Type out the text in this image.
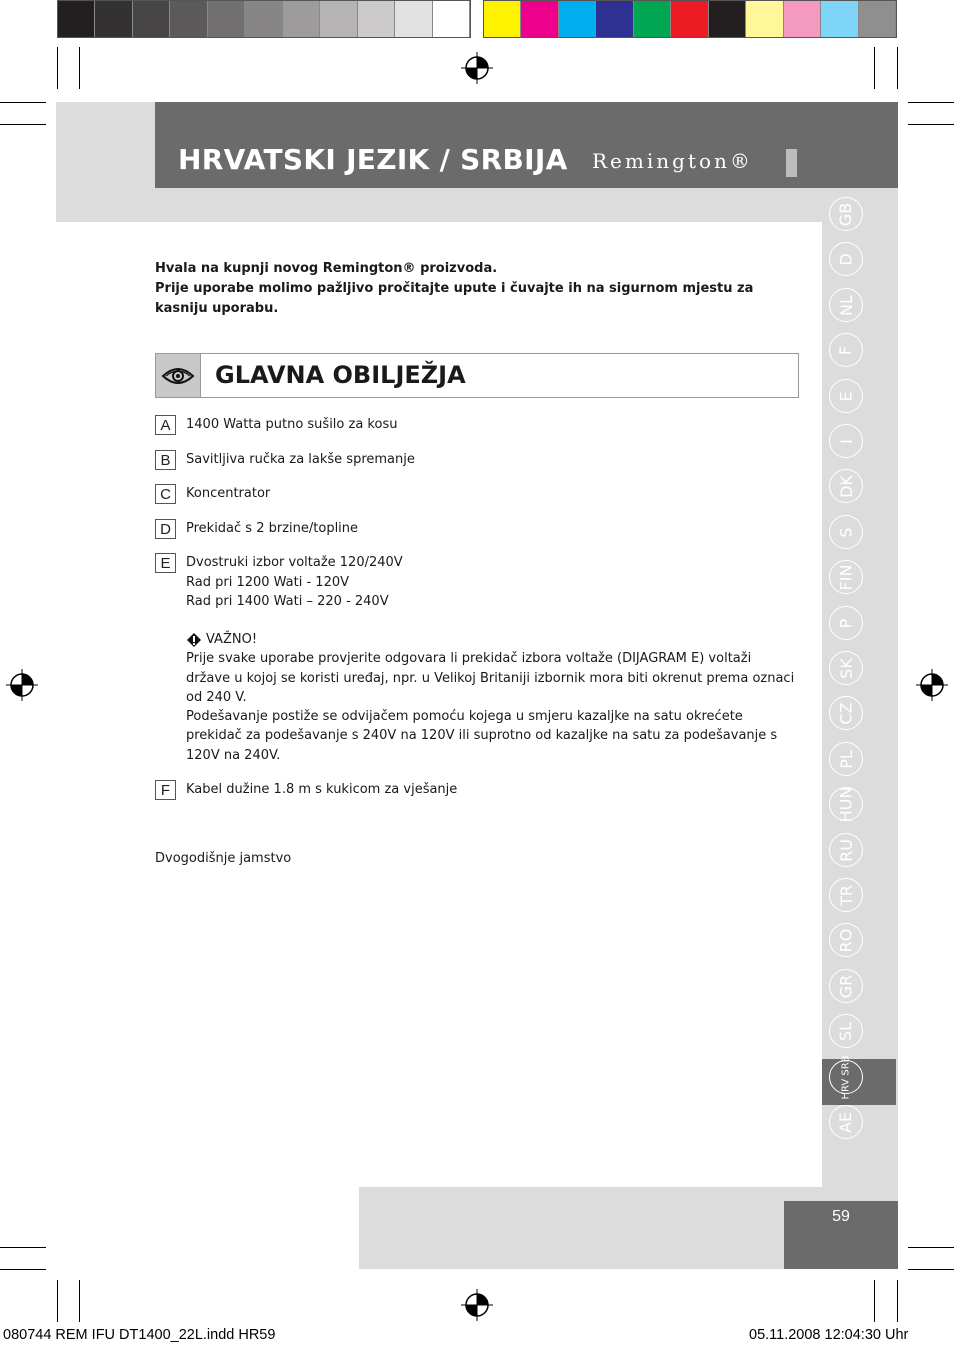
HRVATSKI JEZIK / SRBIJA Remington®
GB
D
NL
F
E
I
DK
S
FIN
P
SK
CZ
PL
HUN
RU
TR
RO
GR
SL
HRV SRB
AE

Hvala na kupnji novog Remington® proizvoda.

Prije uporabe molimo pažljivo pročitajte upute i čuvajte ih na sigurnom mjestu za kasniju uporabu.

GLAVNA OBILJEŽJA
A	1400 Watta putno sušilo za kosu

B	Savitljiva ručka za lakše spremanje

C	Koncentrator

D	Prekidač s 2 brzine/topline

E	Dvostruki izbor voltaže 120/240V

Rad pri 1200 Wati - 120V

Rad pri 1400 Wati – 220 - 240V

F	Kabel dužine 1.8 m s kukicom za vješanje

VAŽNO!

Prije svake uporabe provjerite odgovara li prekidač izbora voltaže (DIJAGRAM E) voltaži države u kojoj se koristi uređaj, npr. u Velikoj Britaniji izbornik mora biti okrenut prema oznaci od 240 V.

Podešavanje postiže se odvijačem pomoću kojega u smjeru kazaljke na satu okrećete prekidač za podešavanje s 240V na 120V ili suprotno od kazaljke na satu za podešavanje s 120V na 240V.

Dvogodišnje jamstvo
59
080744 REM IFU DT1400_22L.indd HR59	05.11.2008 12:04:30 Uhr
